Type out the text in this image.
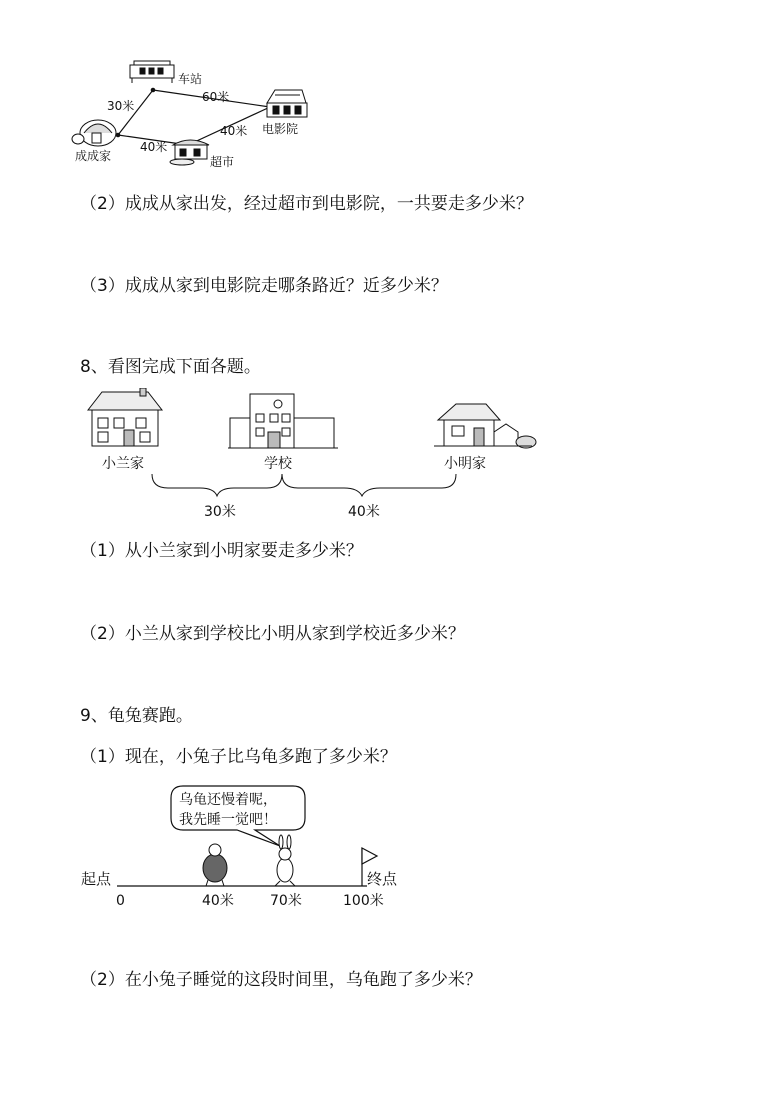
车站
电影院
成成家	超市
30米
60米
40米
40米
（2）成成从家出发，经过超市到电影院，一共要走多少米？
（3）成成从家到电影院走哪条路近？近多少米？
8、看图完成下面各题。
小兰家	学校	小明家
30米	40米
（1）从小兰家到小明家要走多少米？
（2）小兰从家到学校比小明从家到学校近多少米？
9、龟兔赛跑。
（1）现在，小兔子比乌龟多跑了多少米？
乌龟还慢着呢，
我先睡一觉吧！
起点	终点
0	40米	70米	100米
（2）在小兔子睡觉的这段时间里，乌龟跑了多少米？
